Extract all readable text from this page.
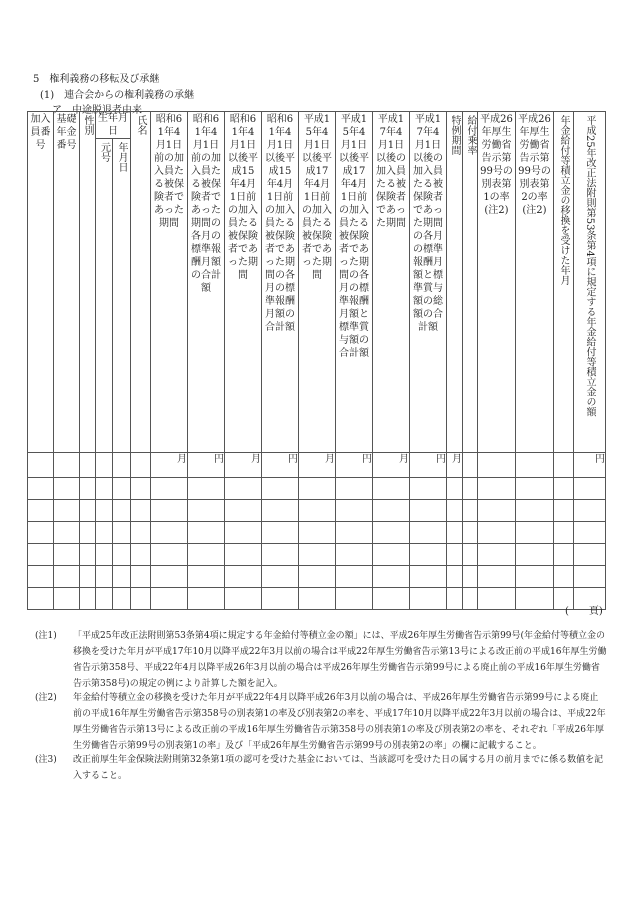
5　権利義務の移転及び承継
(1)　連合会からの権利義務の承継
ア　中途脱退者由来
加入員番号	基礎年金番号	性別	生年月日		氏名	昭和61年4月1日前の加入員たる被保険者であった期間	昭和61年4月1日前の加入員たる被保険者であった期間の各月の標準報酬月額の合計額	昭和61年4月1日以後平成15年4月1日前の加入員たる被保険者であった期間	昭和61年4月1日以後平成15年4月1日前の加入員たる被保険者であった期間の各月の標準報酬月額の合計額	平成15年4月1日以後平成17年4月1日前の加入員たる被保険者であった期間	平成15年4月1日以後平成17年4月1日前の加入員たる被保険者であった期間の各月の標準報酬月額と標準賞与額の合計額	平成17年4月1日以後の加入員たる被保険者であった期間	平成17年4月1日以後の加入員たる被保険者であった期間の各月の標準報酬月額と標準賞与額の総額の合計額	特例期間	給付乗率	平成26年厚生労働省告示第99号の別表第1の率(注2)	平成26年厚生労働省告示第99号の別表第2の率(注2)	年金給付等積立金の移換を受けた年月	平成25年改正法附則第53条第4項に規定する年金給付等積立金の額

			元号	年月日															

						月	円	月	円	月	円	月	円	月					円

(　　頁)
(注1) 「平成25年改正法附則第53条第4項に規定する年金給付等積立金の額」には、平成26年厚生労働省告示第99号(年金給付等積立金の移換を受けた年月が平成17年10月以降平成22年3月以前の場合は平成22年厚生労働省告示第13号による改正前の平成16年厚生労働省告示第358号、平成22年4月以降平成26年3月以前の場合は平成26年厚生労働省告示第99号による廃止前の平成16年厚生労働省告示第358号)の規定の例により計算した額を記入。
(注2) 年金給付等積立金の移換を受けた年月が平成22年4月以降平成26年3月以前の場合は、平成26年厚生労働省告示第99号による廃止前の平成16年厚生労働省告示第358号の別表第1の率及び別表第2の率を、平成17年10月以降平成22年3月以前の場合は、平成22年厚生労働省告示第13号による改正前の平成16年厚生労働省告示第358号の別表第1の率及び別表第2の率を、それぞれ「平成26年厚生労働省告示第99号の別表第1の率」及び「平成26年厚生労働省告示第99号の別表第2の率」の欄に記載すること。
(注3) 改正前厚生年金保険法附則第32条第1項の認可を受けた基金においては、当該認可を受けた日の属する月の前月までに係る数値を記入すること。
